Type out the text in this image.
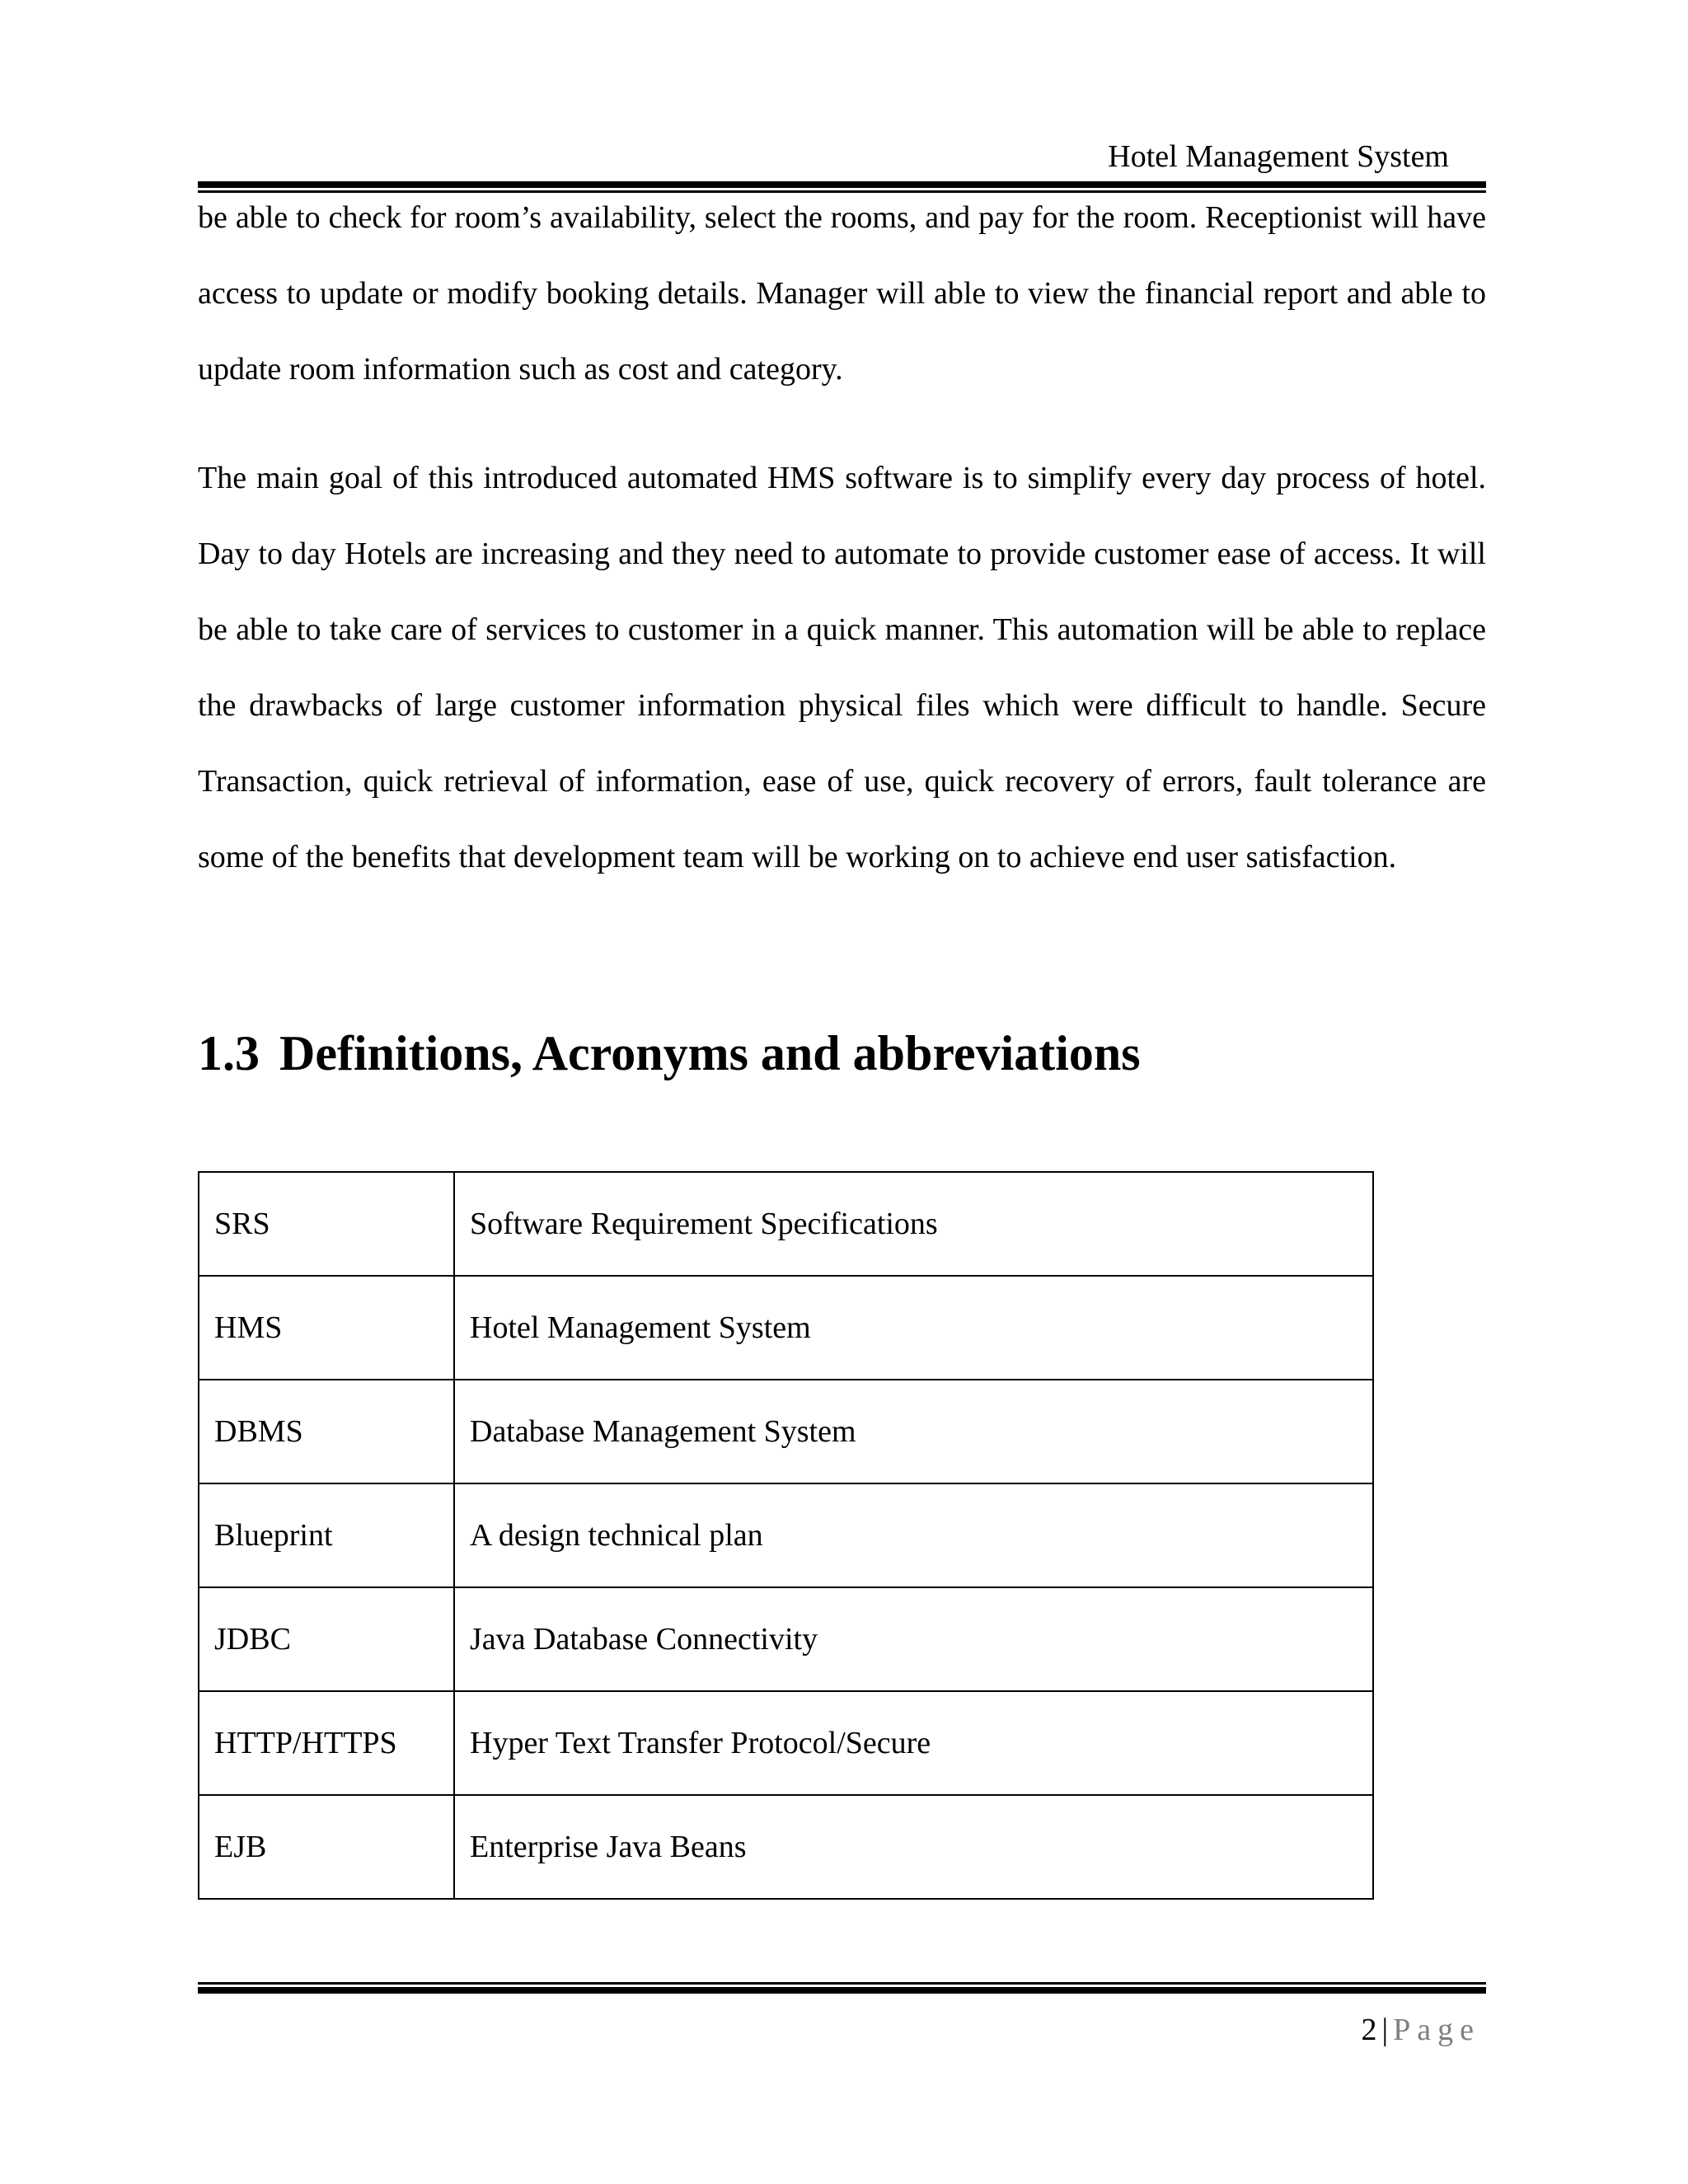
Hotel Management System

be able to check for room’s availability, select the rooms, and pay for the room. Receptionist will have access to update or modify booking details. Manager will able to view the financial report and able to update room information such as cost and category.

The main goal of this introduced automated HMS software is to simplify every day process of hotel. Day to day Hotels are increasing and they need to automate to provide customer ease of access. It will be able to take care of services to customer in a quick manner. This automation will be able to replace the drawbacks of large customer information physical files which were difficult to handle. Secure Transaction, quick retrieval of information, ease of use, quick recovery of errors, fault tolerance are some of the benefits that development team will be working on to achieve end user satisfaction.

1.3 Definitions, Acronyms and abbreviations
SRS	Software Requirement Specifications
HMS	Hotel Management System
DBMS	Database Management System
Blueprint	A design technical plan
JDBC	Java Database Connectivity
HTTP/HTTPS	Hyper Text Transfer Protocol/Secure
EJB	Enterprise Java Beans
2 | Page
